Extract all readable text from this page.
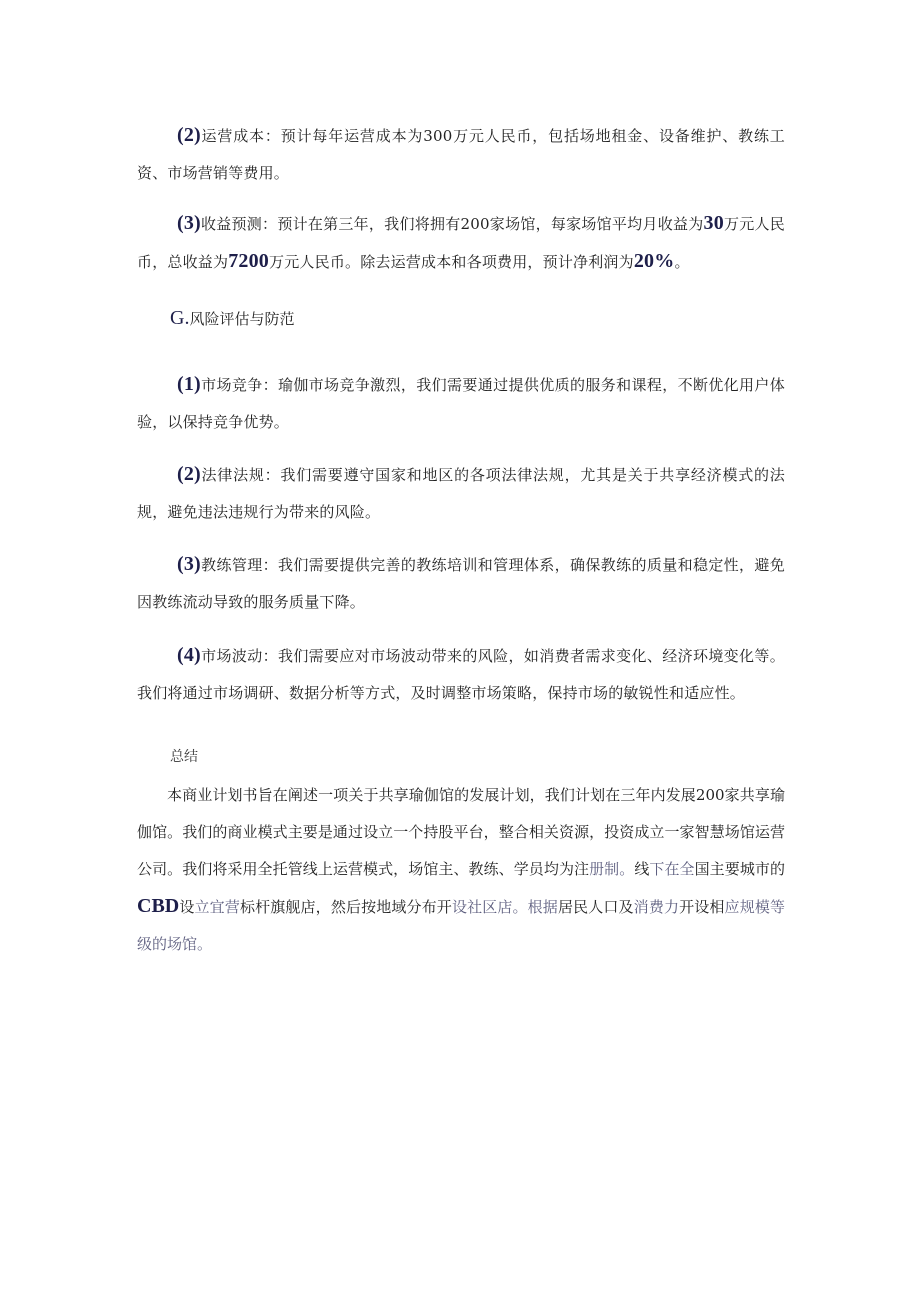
(2)运营成本：预计每年运营成本为300万元人民币，包括场地租金、设备维护、教练工资、市场营销等费用。

(3)收益预测：预计在第三年，我们将拥有200家场馆，每家场馆平均月收益为30万元人民币，总收益为7200万元人民币。除去运营成本和各项费用，预计净利润为20%。

G.风险评估与防范

(1)市场竞争：瑜伽市场竞争激烈，我们需要通过提供优质的服务和课程，不断优化用户体验，以保持竞争优势。

(2)法律法规：我们需要遵守国家和地区的各项法律法规，尤其是关于共享经济模式的法规，避免违法违规行为带来的风险。

(3)教练管理：我们需要提供完善的教练培训和管理体系，确保教练的质量和稳定性，避免因教练流动导致的服务质量下降。

(4)市场波动：我们需要应对市场波动带来的风险，如消费者需求变化、经济环境变化等。我们将通过市场调研、数据分析等方式，及时调整市场策略，保持市场的敏锐性和适应性。

总结

本商业计划书旨在阐述一项关于共享瑜伽馆的发展计划，我们计划在三年内发展200家共享瑜伽馆。我们的商业模式主要是通过设立一个持股平台，整合相关资源，投资成立一家智慧场馆运营公司。我们将采用全托管线上运营模式，场馆主、教练、学员均为注册制。线下在全国主要城市的CBD设立宜营标杆旗舰店，然后按地域分布开设社区店。根据居民人口及消费力开设相应规模等级的场馆。
